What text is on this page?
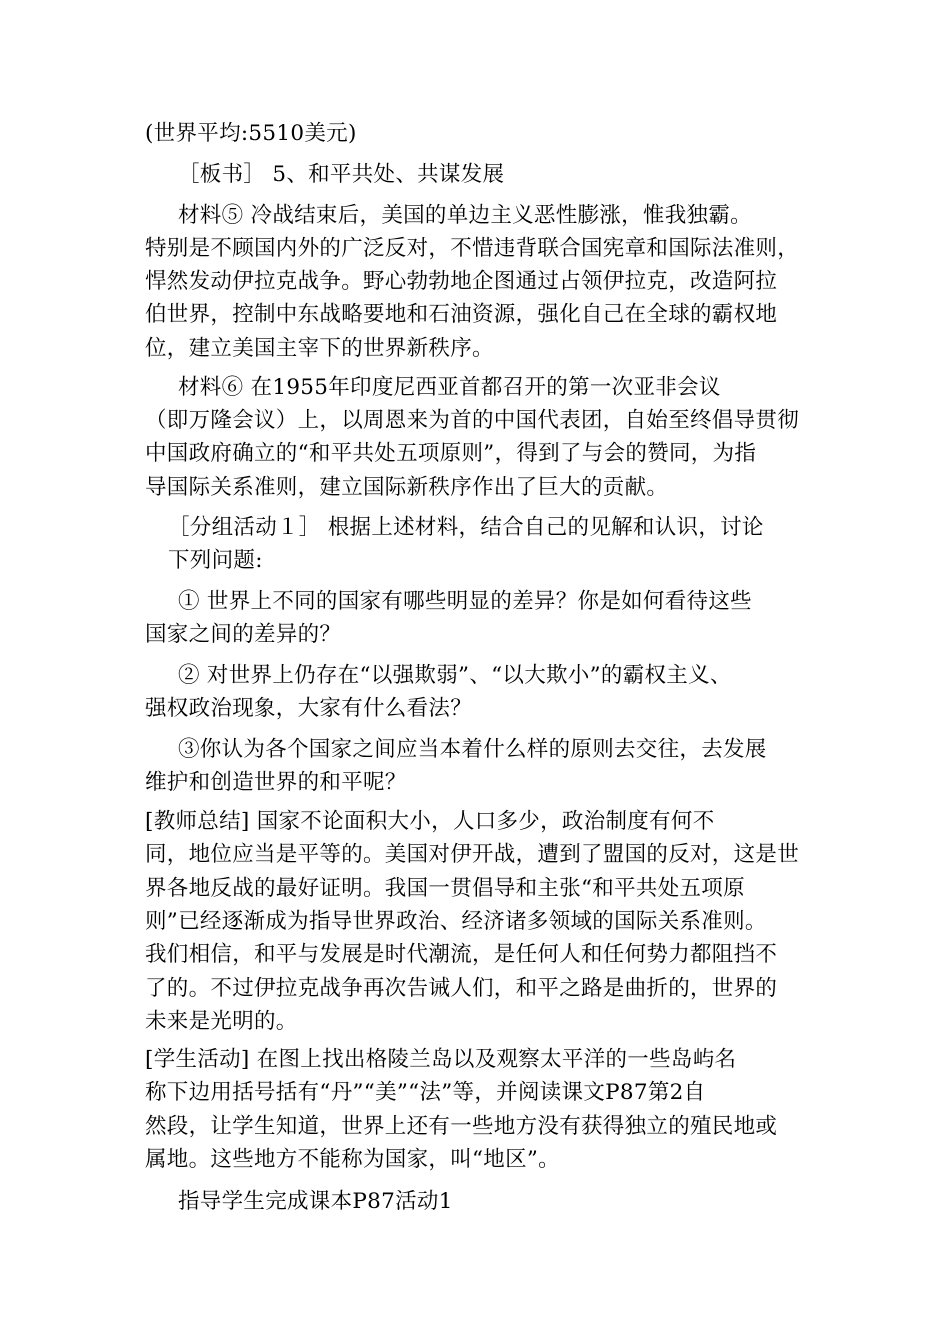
(世界平均:5510美元)
［板书］ 5、和平共处、共谋发展
材料⑤ 冷战结束后，美国的单边主义恶性膨涨，惟我独霸。
特别是不顾国内外的广泛反对，不惜违背联合国宪章和国际法准则，
悍然发动伊拉克战争。野心勃勃地企图通过占领伊拉克，改造阿拉
伯世界，控制中东战略要地和石油资源，强化自己在全球的霸权地
位，建立美国主宰下的世界新秩序。
材料⑥ 在1955年印度尼西亚首都召开的第一次亚非会议
（即万隆会议）上，以周恩来为首的中国代表团，自始至终倡导贯彻
中国政府确立的“和平共处五项原则”，得到了与会的赞同，为指
导国际关系准则，建立国际新秩序作出了巨大的贡献。
［分组活动１］ 根据上述材料，结合自己的见解和认识，讨论
下列问题:
① 世界上不同的国家有哪些明显的差异？你是如何看待这些
国家之间的差异的？
② 对世界上仍存在“以强欺弱”、“以大欺小”的霸权主义、
强权政治现象，大家有什么看法？
③你认为各个国家之间应当本着什么样的原则去交往，去发展
维护和创造世界的和平呢？
[教师总结] 国家不论面积大小，人口多少，政治制度有何不
同，地位应当是平等的。美国对伊开战，遭到了盟国的反对，这是世
界各地反战的最好证明。我国一贯倡导和主张“和平共处五项原
则”已经逐渐成为指导世界政治、经济诸多领域的国际关系准则。
我们相信，和平与发展是时代潮流，是任何人和任何势力都阻挡不
了的。不过伊拉克战争再次告诫人们，和平之路是曲折的，世界的
未来是光明的。
[学生活动] 在图上找出格陵兰岛以及观察太平洋的一些岛屿名
称下边用括号括有“丹”“美”“法”等，并阅读课文P87第2自
然段，让学生知道，世界上还有一些地方没有获得独立的殖民地或
属地。这些地方不能称为国家，叫“地区”。
指导学生完成课本P87活动1
